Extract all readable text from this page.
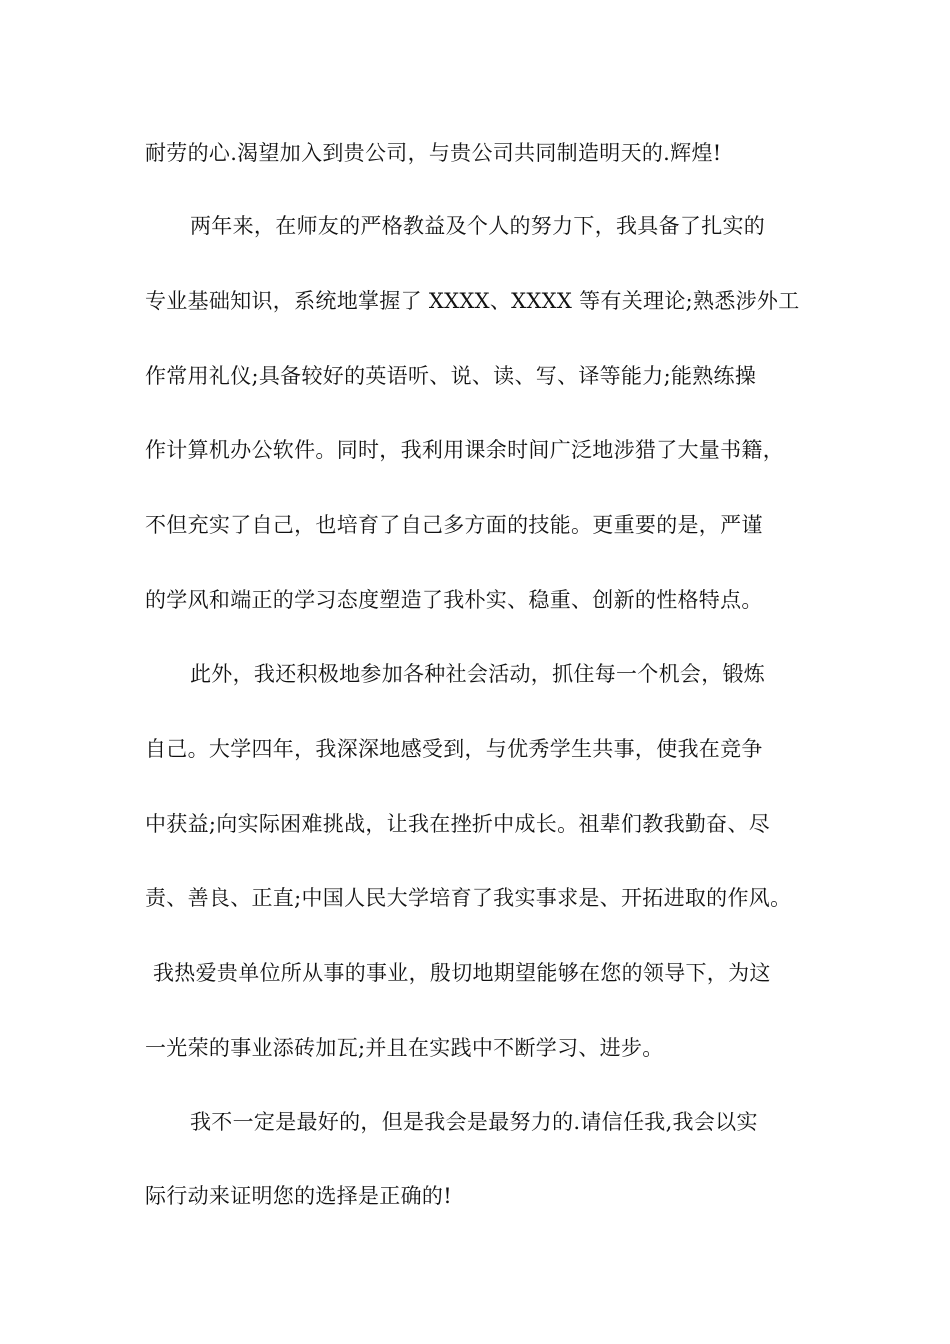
耐劳的心.渴望加入到贵公司，与贵公司共同制造明天的.辉煌!
两年来，在师友的严格教益及个人的努力下，我具备了扎实的
专业基础知识，系统地掌握了 XXXX、XXXX 等有关理论;熟悉涉外工
作常用礼仪;具备较好的英语听、说、读、写、译等能力;能熟练操
作计算机办公软件。同时，我利用课余时间广泛地涉猎了大量书籍，
不但充实了自己，也培育了自己多方面的技能。更重要的是，严谨
的学风和端正的学习态度塑造了我朴实、稳重、创新的性格特点。
此外，我还积极地参加各种社会活动，抓住每一个机会，锻炼
自己。大学四年，我深深地感受到，与优秀学生共事，使我在竞争
中获益;向实际困难挑战，让我在挫折中成长。祖辈们教我勤奋、尽
责、善良、正直;中国人民大学培育了我实事求是、开拓进取的作风。
我热爱贵单位所从事的事业，殷切地期望能够在您的领导下，为这
一光荣的事业添砖加瓦;并且在实践中不断学习、进步。
我不一定是最好的，但是我会是最努力的.请信任我,我会以实
际行动来证明您的选择是正确的!
